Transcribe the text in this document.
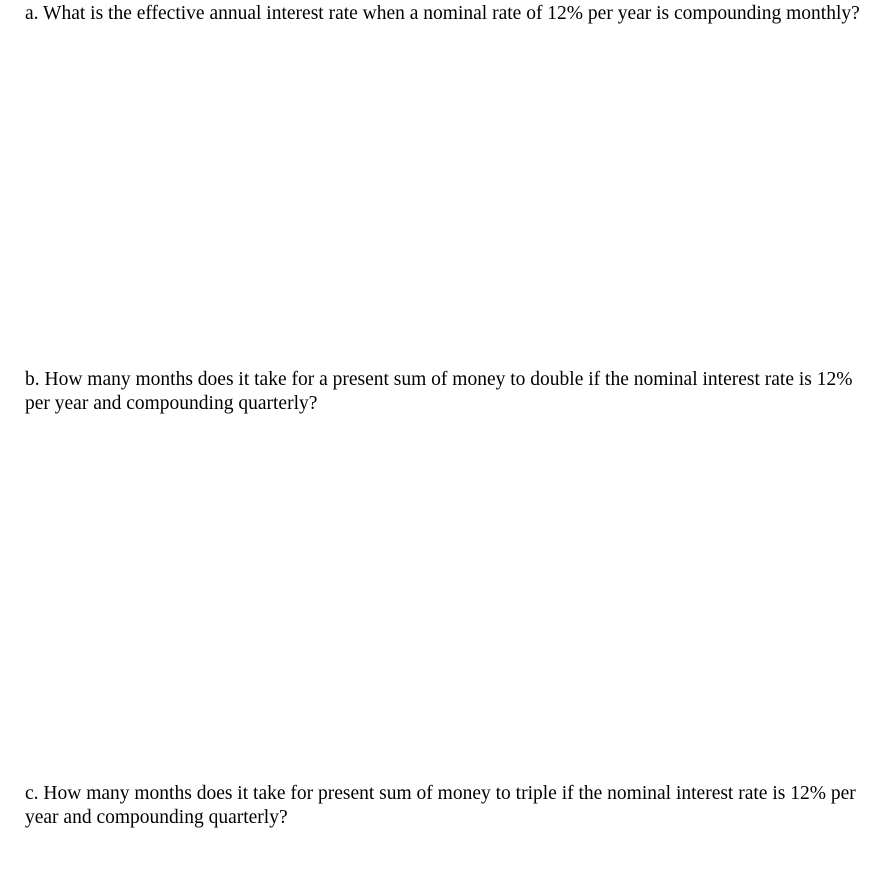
a. What is the effective annual interest rate when a nominal rate of 12% per year is compounding monthly?

b. How many months does it take for a present sum of money to double if the nominal interest rate is 12% per year and compounding quarterly?

c. How many months does it take for present sum of money to triple if the nominal interest rate is 12% per year and compounding quarterly?
